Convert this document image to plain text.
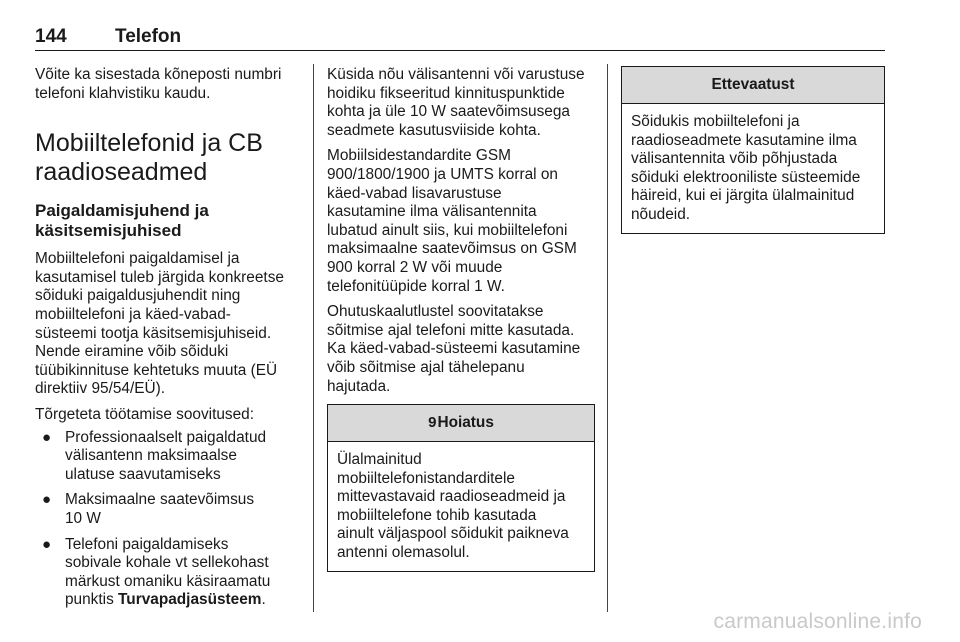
144	Telefon

Võite ka sisestada kõneposti numbri
telefoni klahvistiku kaudu.

Mobiiltelefonid ja CB
raadioseadmed
Paigaldamisjuhend ja
käsitsemisjuhised

Mobiiltelefoni paigaldamisel ja
kasutamisel tuleb järgida konkreetse
sõiduki paigaldusjuhendit ning
mobiiltelefoni ja käed-vabad-
süsteemi tootja käsitsemisjuhiseid.
Nende eiramine võib sõiduki
tüübikinnituse kehtetuks muuta (EÜ
direktiiv 95/54/EÜ).

Tõrgeteta töötamise soovitused:

● Professionaalselt paigaldatud
välisantenn maksimaalse
ulatuse saavutamiseks
● Maksimaalne saatevõimsus
10 W
● Telefoni paigaldamiseks
sobivale kohale vt sellekohast
märkust omaniku käsiraamatu
punktis Turvapadjasüsteem.

Küsida nõu välisantenni või varustuse
hoidiku fikseeritud kinnituspunktide
kohta ja üle 10 W saatevõimsusega
seadmete kasutusviiside kohta.

Mobiilsidestandardite GSM
900/1800/1900 ja UMTS korral on
käed-vabad lisavarustuse
kasutamine ilma välisantennita
lubatud ainult siis, kui mobiiltelefoni
maksimaalne saatevõimsus on GSM
900 korral 2 W või muude
telefonitüüpide korral 1 W.

Ohutuskaalutlustel soovitatakse
sõitmise ajal telefoni mitte kasutada.
Ka käed-vabad-süsteemi kasutamine
võib sõitmise ajal tähelepanu
hajutada.

9Hoiatus
Ülalmainitud
mobiiltelefonistandarditele
mittevastavaid raadioseadmeid ja
mobiiltelefone tohib kasutada
ainult väljaspool sõidukit paikneva
antenni olemasolul.
Ettevaatust
Sõidukis mobiiltelefoni ja
raadioseadmete kasutamine ilma
välisantennita võib põhjustada
sõiduki elektrooniliste süsteemide
häireid, kui ei järgita ülalmainitud
nõudeid.
carmanualsonline.info
